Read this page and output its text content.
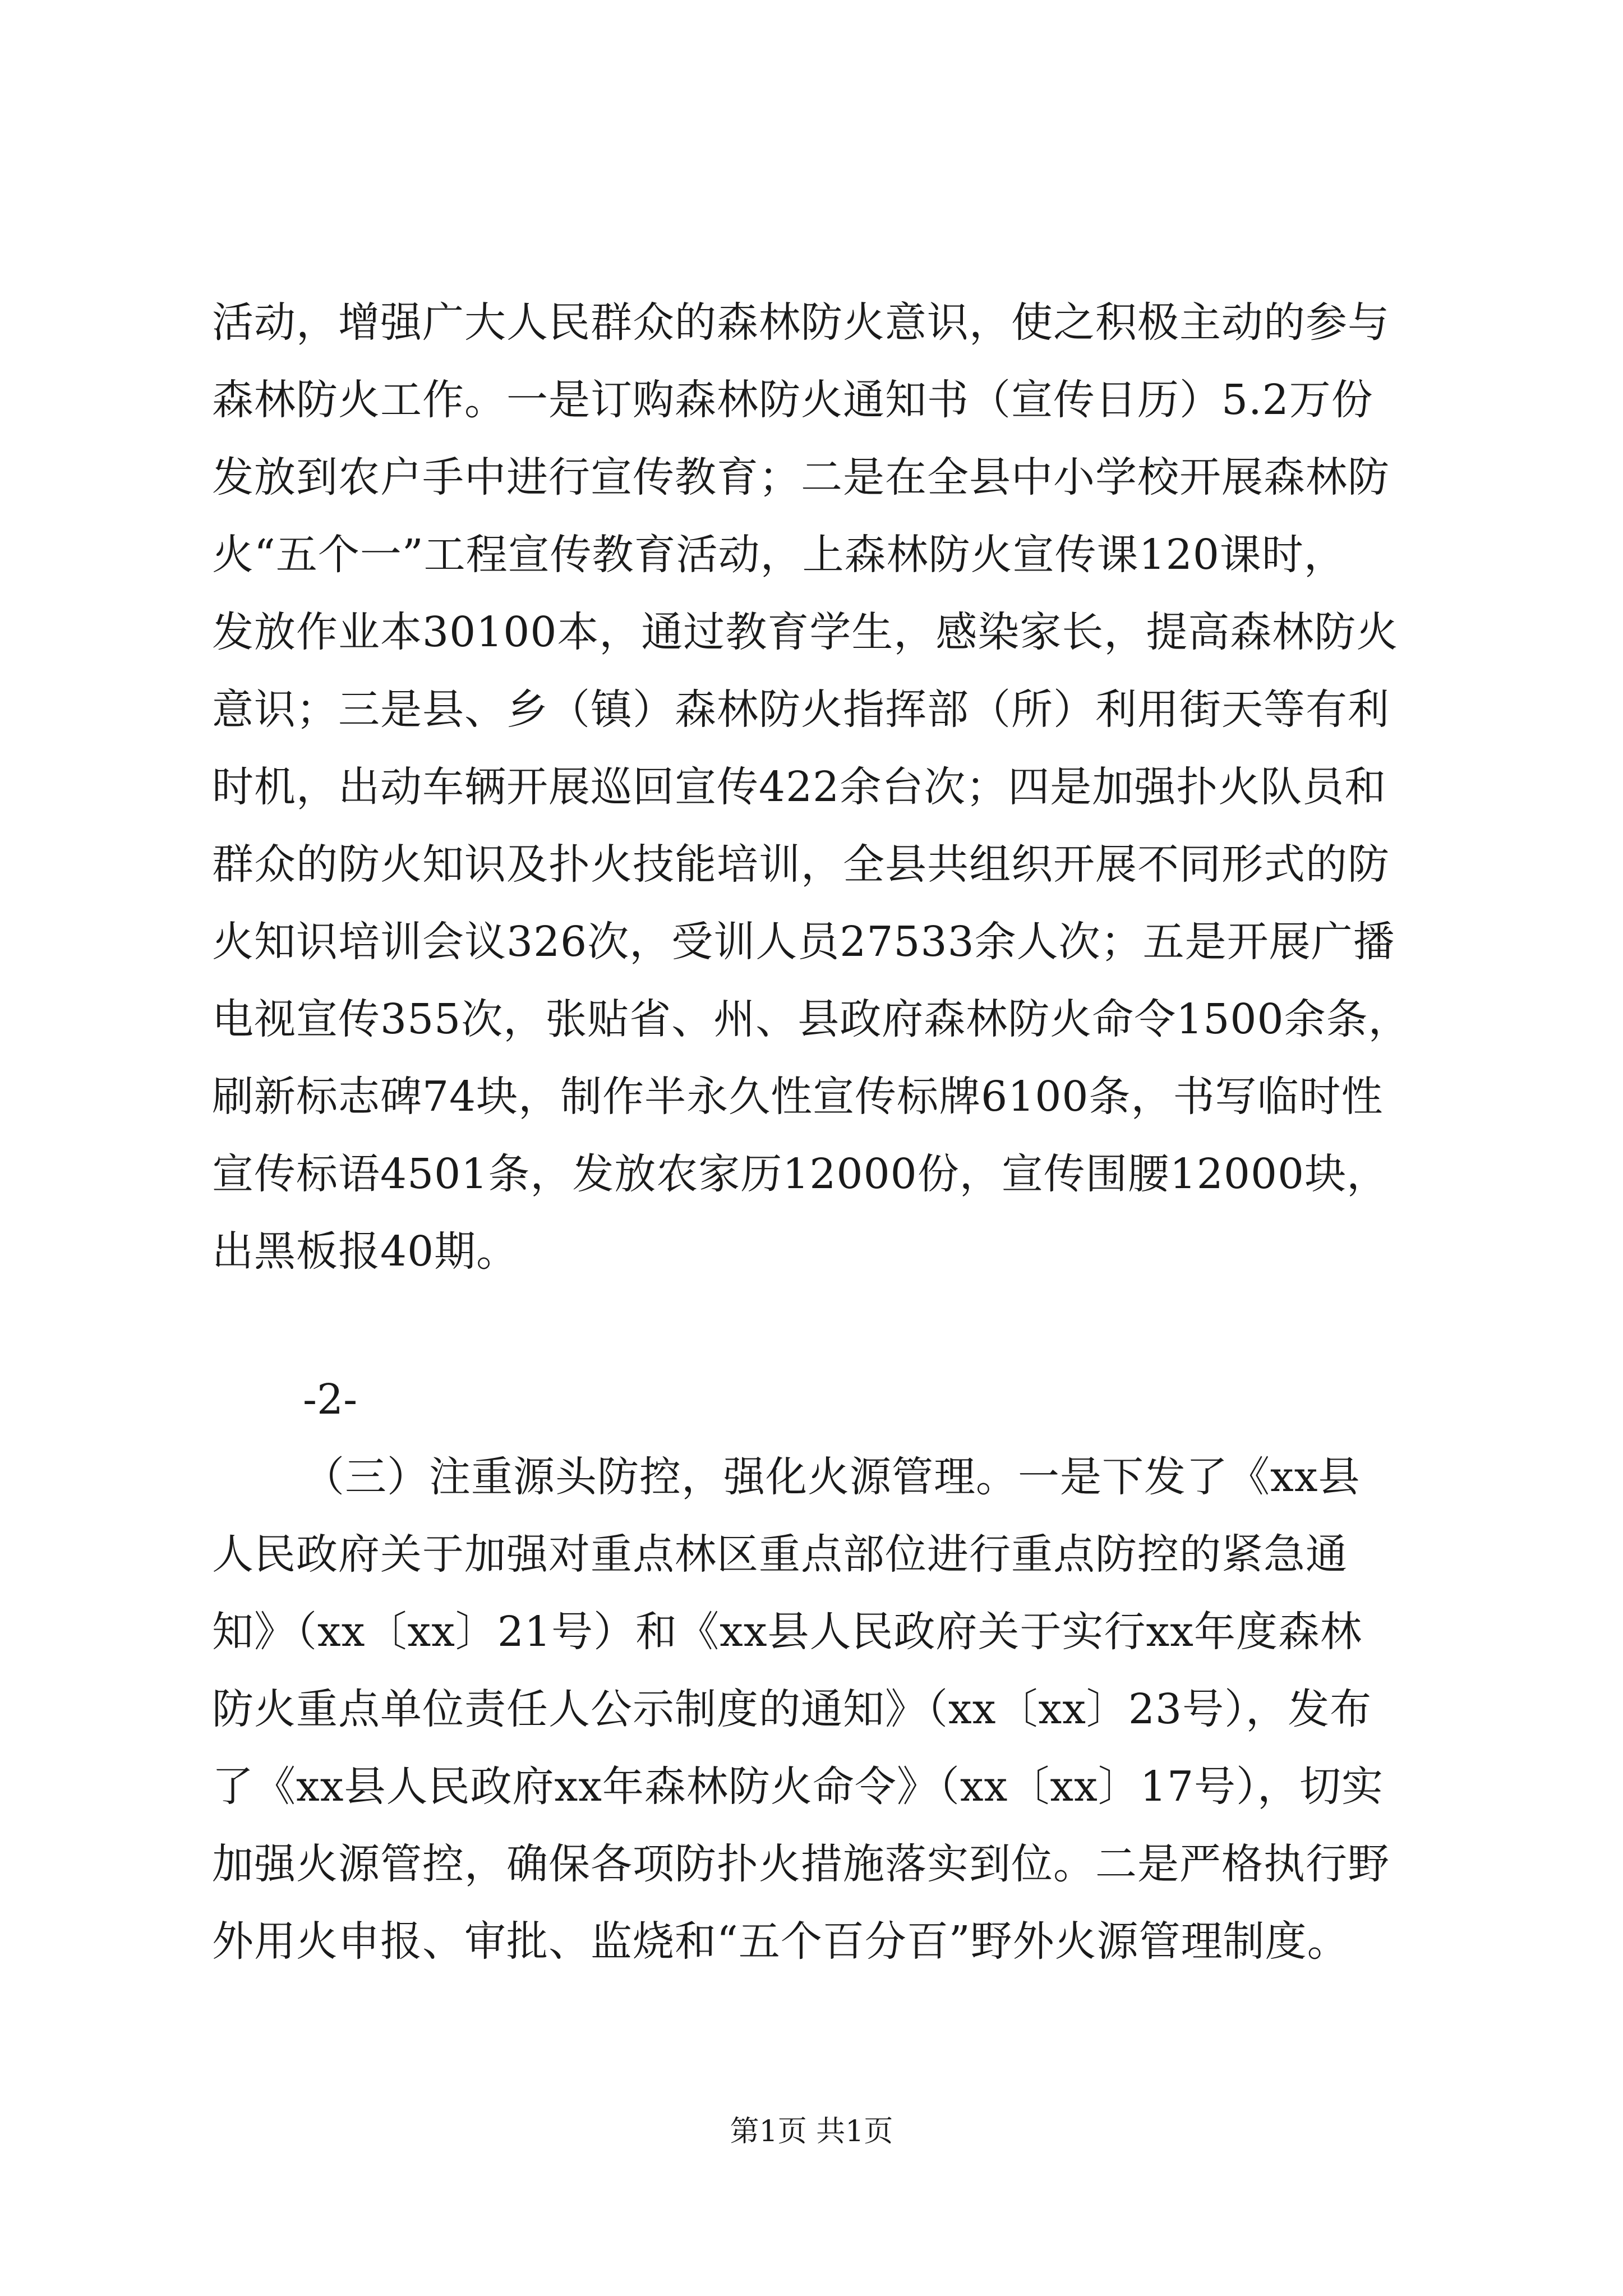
活动，增强广大人民群众的森林防火意识，使之积极主动的参与
森林防火工作。一是订购森林防火通知书（宣传日历）5.2万份
发放到农户手中进行宣传教育；二是在全县中小学校开展森林防
火“五个一”工程宣传教育活动，上森林防火宣传课120课时，
发放作业本30100本，通过教育学生，感染家长，提高森林防火
意识；三是县、乡（镇）森林防火指挥部（所）利用街天等有利
时机，出动车辆开展巡回宣传422余台次；四是加强扑火队员和
群众的防火知识及扑火技能培训，全县共组织开展不同形式的防
火知识培训会议326次，受训人员27533余人次；五是开展广播
电视宣传355次，张贴省、州、县政府森林防火命令1500余条，
刷新标志碑74块，制作半永久性宣传标牌6100条，书写临时性
宣传标语4501条，发放农家历12000份，宣传围腰12000块，
出黑板报40期。
-2-
（三）注重源头防控，强化火源管理。一是下发了《xx县
人民政府关于加强对重点林区重点部位进行重点防控的紧急通
知》（xx〔xx〕21号）和《xx县人民政府关于实行xx年度森林
防火重点单位责任人公示制度的通知》（xx〔xx〕23号），发布
了《xx县人民政府xx年森林防火命令》（xx〔xx〕17号），切实
加强火源管控，确保各项防扑火措施落实到位。二是严格执行野
外用火申报、审批、监烧和“五个百分百”野外火源管理制度。
第1页 共1页
